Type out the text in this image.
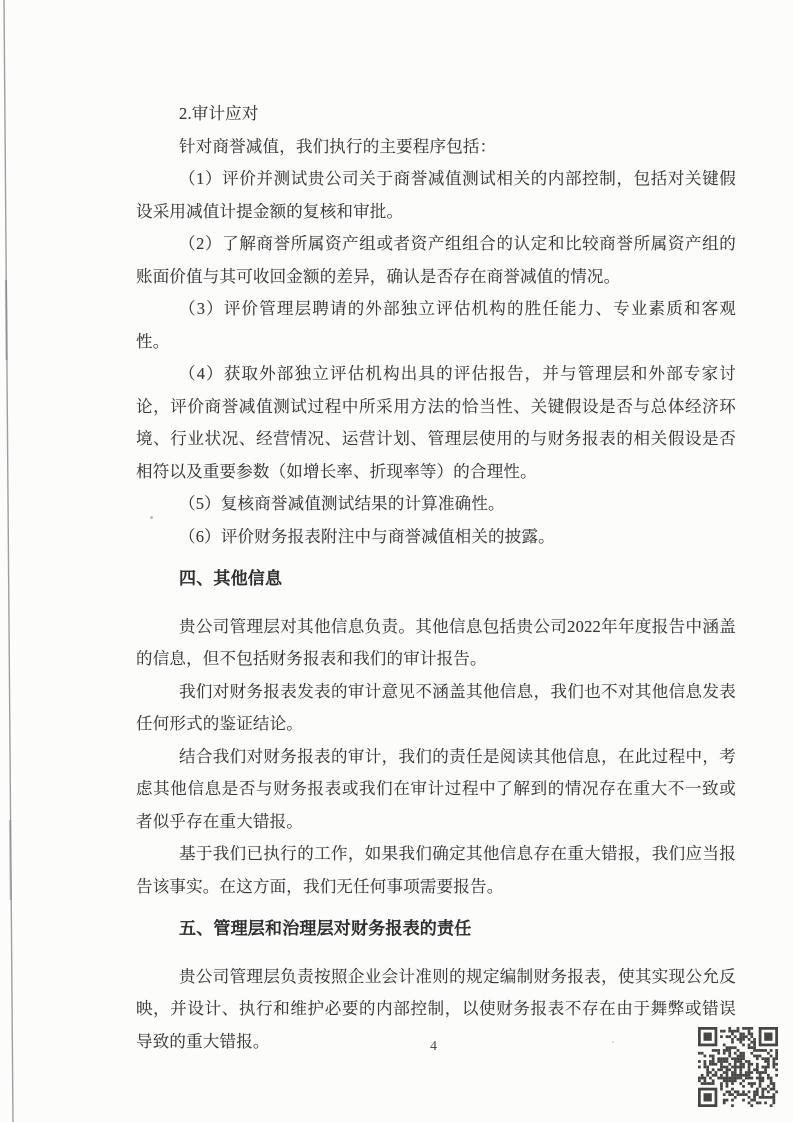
2.审计应对

针对商誉减值，我们执行的主要程序包括：

（1）评价并测试贵公司关于商誉减值测试相关的内部控制，包括对关键假设采用减值计提金额的复核和审批。

（2）了解商誉所属资产组或者资产组组合的认定和比较商誉所属资产组的账面价值与其可收回金额的差异，确认是否存在商誉减值的情况。

（3）评价管理层聘请的外部独立评估机构的胜任能力、专业素质和客观性。

（4）获取外部独立评估机构出具的评估报告，并与管理层和外部专家讨论，评价商誉减值测试过程中所采用方法的恰当性、关键假设是否与总体经济环境、行业状况、经营情况、运营计划、管理层使用的与财务报表的相关假设是否相符以及重要参数（如增长率、折现率等）的合理性。

（5）复核商誉减值测试结果的计算准确性。

（6）评价财务报表附注中与商誉减值相关的披露。

四、其他信息

贵公司管理层对其他信息负责。其他信息包括贵公司2022年年度报告中涵盖的信息，但不包括财务报表和我们的审计报告。

我们对财务报表发表的审计意见不涵盖其他信息，我们也不对其他信息发表任何形式的鉴证结论。

结合我们对财务报表的审计，我们的责任是阅读其他信息，在此过程中，考虑其他信息是否与财务报表或我们在审计过程中了解到的情况存在重大不一致或者似乎存在重大错报。

基于我们已执行的工作，如果我们确定其他信息存在重大错报，我们应当报告该事实。在这方面，我们无任何事项需要报告。

五、管理层和治理层对财务报表的责任

贵公司管理层负责按照企业会计准则的规定编制财务报表，使其实现公允反映，并设计、执行和维护必要的内部控制，以使财务报表不存在由于舞弊或错误导致的重大错报。	4
